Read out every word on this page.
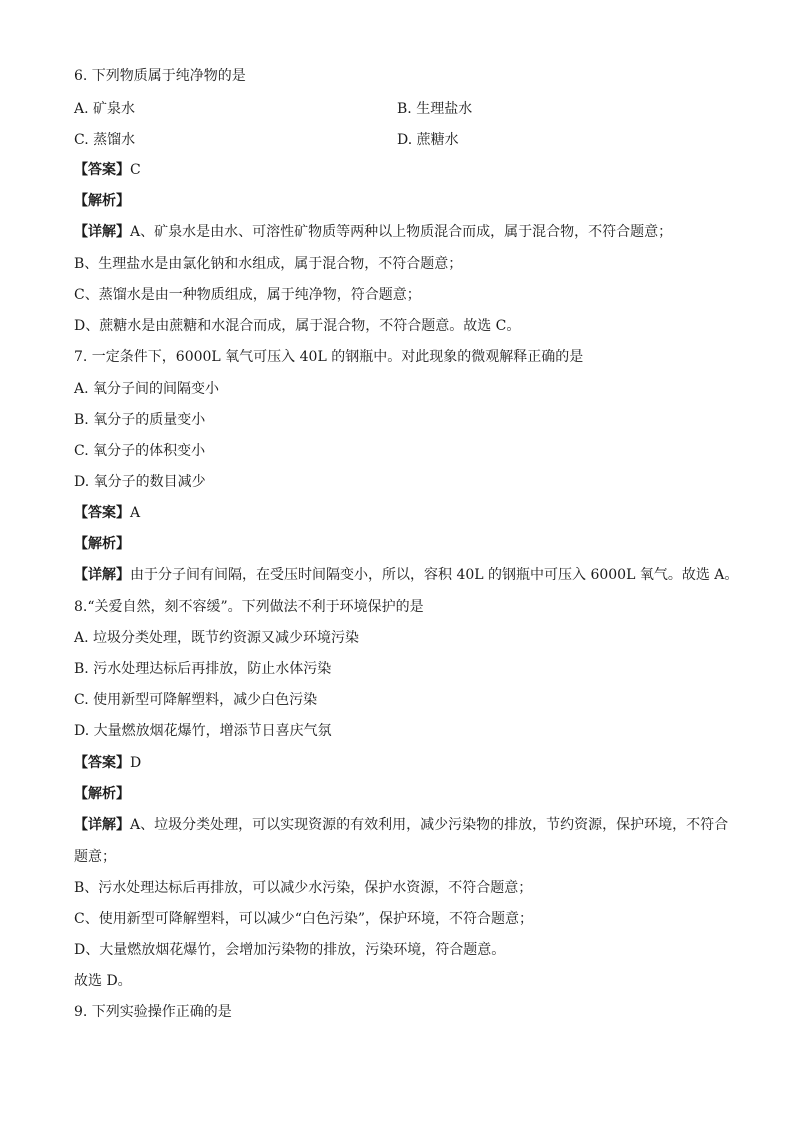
6. 下列物质属于纯净物的是
A. 矿泉水	B. 生理盐水
C. 蒸馏水	D. 蔗糖水
【答案】C
【解析】
【详解】A、矿泉水是由水、可溶性矿物质等两种以上物质混合而成，属于混合物，不符合题意；
B、生理盐水是由氯化钠和水组成，属于混合物，不符合题意；
C、蒸馏水是由一种物质组成，属于纯净物，符合题意；
D、蔗糖水是由蔗糖和水混合而成，属于混合物，不符合题意。故选 C。
7. 一定条件下，6000L 氧气可压入 40L 的钢瓶中。对此现象的微观解释正确的是
A. 氧分子间的间隔变小
B. 氧分子的质量变小
C. 氧分子的体积变小
D. 氧分子的数目减少
【答案】A
【解析】
【详解】由于分子间有间隔，在受压时间隔变小，所以，容积 40L 的钢瓶中可压入 6000L 氧气。故选 A。
8.“关爱自然，刻不容缓”。下列做法不利于环境保护的是
A. 垃圾分类处理，既节约资源又减少环境污染
B. 污水处理达标后再排放，防止水体污染
C. 使用新型可降解塑料，减少白色污染
D. 大量燃放烟花爆竹，增添节日喜庆气氛
【答案】D
【解析】
【详解】A、垃圾分类处理，可以实现资源的有效利用，减少污染物的排放，节约资源，保护环境，不符合
题意；
B、污水处理达标后再排放，可以减少水污染，保护水资源，不符合题意；
C、使用新型可降解塑料，可以减少“白色污染”，保护环境，不符合题意；
D、大量燃放烟花爆竹，会增加污染物的排放，污染环境，符合题意。
故选 D。
9. 下列实验操作正确的是
